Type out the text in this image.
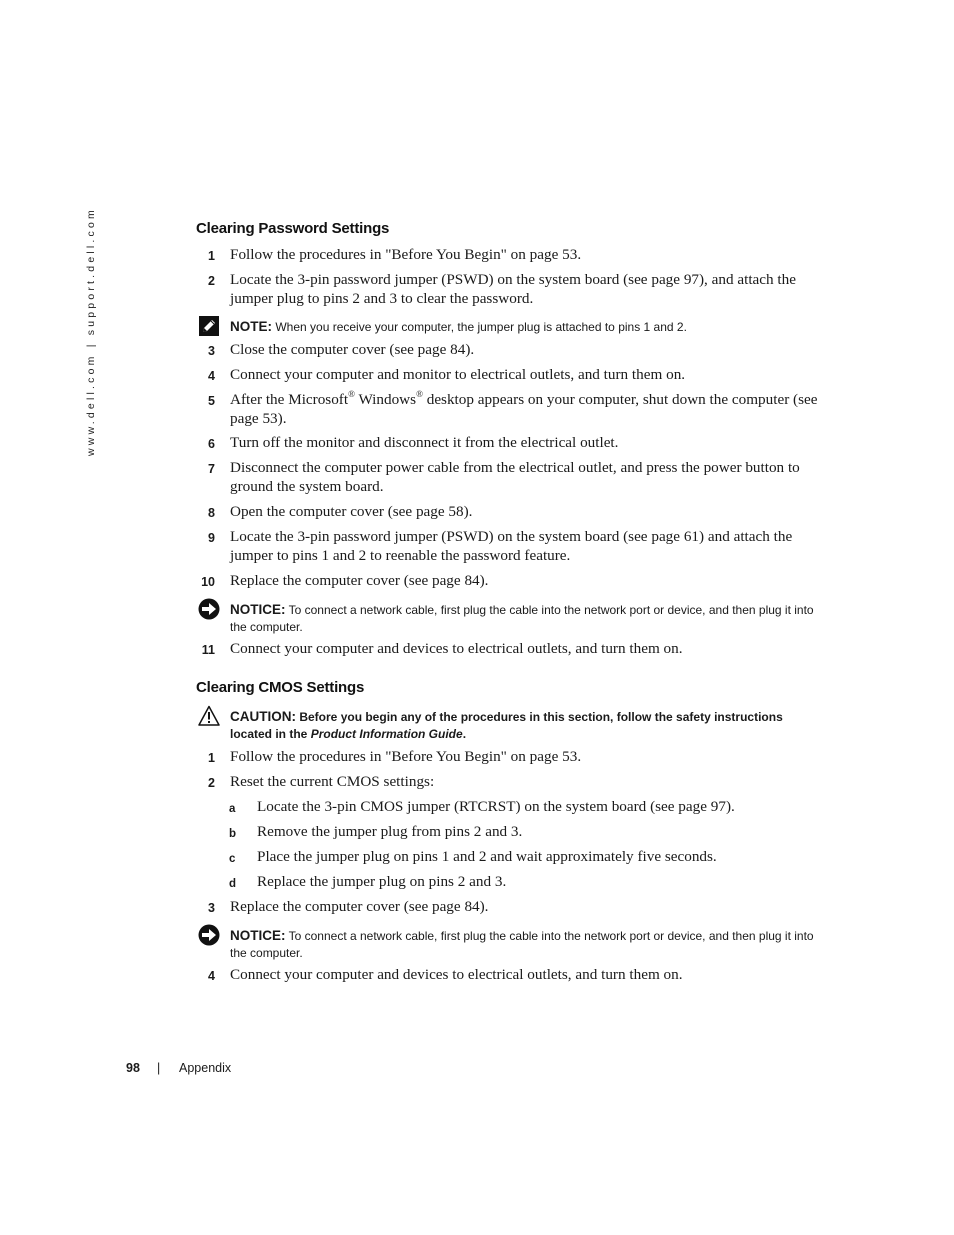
www.dell.com | support.dell.com	Clearing Password Settings
1 Follow the procedures in "Before You Begin" on page 53.
2 Locate the 3-pin password jumper (PSWD) on the system board (see page 97), and attach the jumper plug to pins 2 and 3 to clear the password.
NOTE: When you receive your computer, the jumper plug is attached to pins 1 and 2.
3 Close the computer cover (see page 84).
4 Connect your computer and monitor to electrical outlets, and turn them on.
5 After the Microsoft® Windows® desktop appears on your computer, shut down the computer (see page 53).
6 Turn off the monitor and disconnect it from the electrical outlet.
7 Disconnect the computer power cable from the electrical outlet, and press the power button to ground the system board.
8 Open the computer cover (see page 58).
9 Locate the 3-pin password jumper (PSWD) on the system board (see page 61) and attach the jumper to pins 1 and 2 to reenable the password feature.
10 Replace the computer cover (see page 84).
NOTICE: To connect a network cable, first plug the cable into the network port or device, and then plug it into the computer.
11 Connect your computer and devices to electrical outlets, and turn them on.
Clearing CMOS Settings
CAUTION: Before you begin any of the procedures in this section, follow the safety instructions located in the Product Information Guide.
1 Follow the procedures in "Before You Begin" on page 53.
2 Reset the current CMOS settings:
a Locate the 3-pin CMOS jumper (RTCRST) on the system board (see page 97).
b Remove the jumper plug from pins 2 and 3.
c Place the jumper plug on pins 1 and 2 and wait approximately five seconds.
d Replace the jumper plug on pins 2 and 3.
3 Replace the computer cover (see page 84).
NOTICE: To connect a network cable, first plug the cable into the network port or device, and then plug it into the computer.
4 Connect your computer and devices to electrical outlets, and turn them on.
98 | Appendix
